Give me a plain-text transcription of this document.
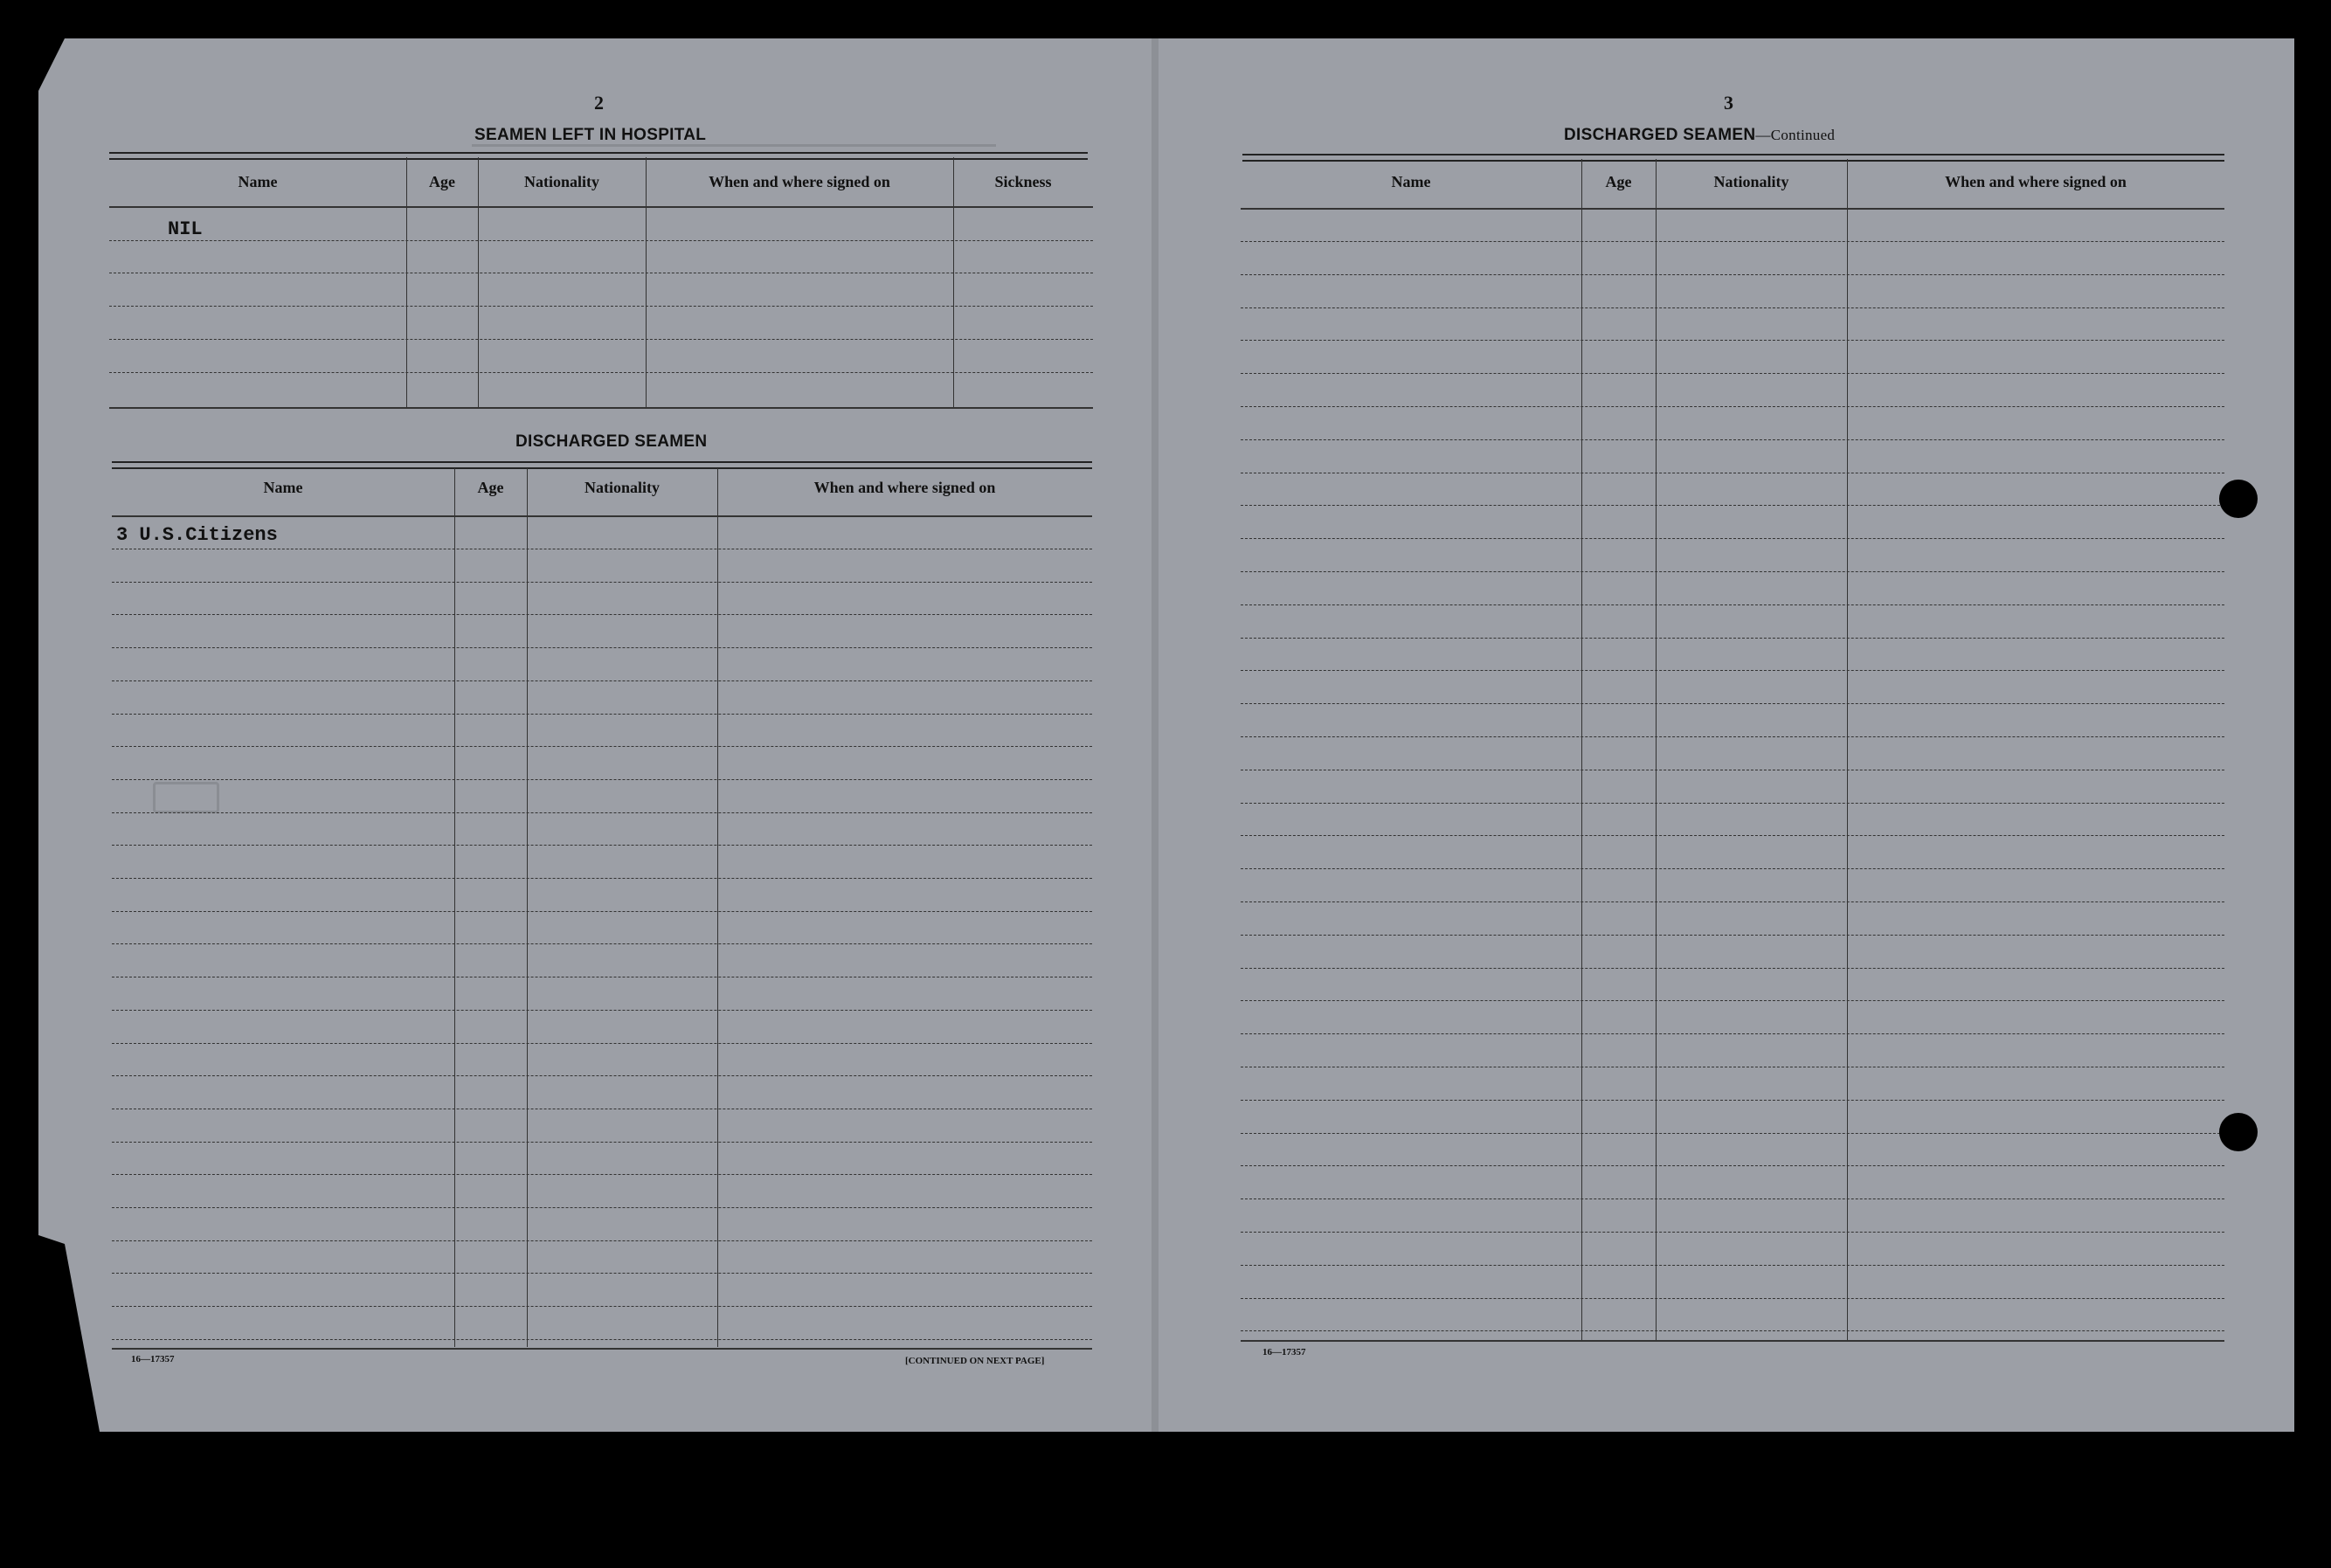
2
SEAMEN LEFT IN HOSPITAL
Name	Age	Nationality	When and where signed on	Sickness
NIL
DISCHARGED SEAMEN
Name	Age	Nationality	When and where signed on
3 U.S.Citizens
16—17357	[CONTINUED ON NEXT PAGE]
3
DISCHARGED SEAMEN—Continued
Name	Age	Nationality	When and where signed on
16—17357
